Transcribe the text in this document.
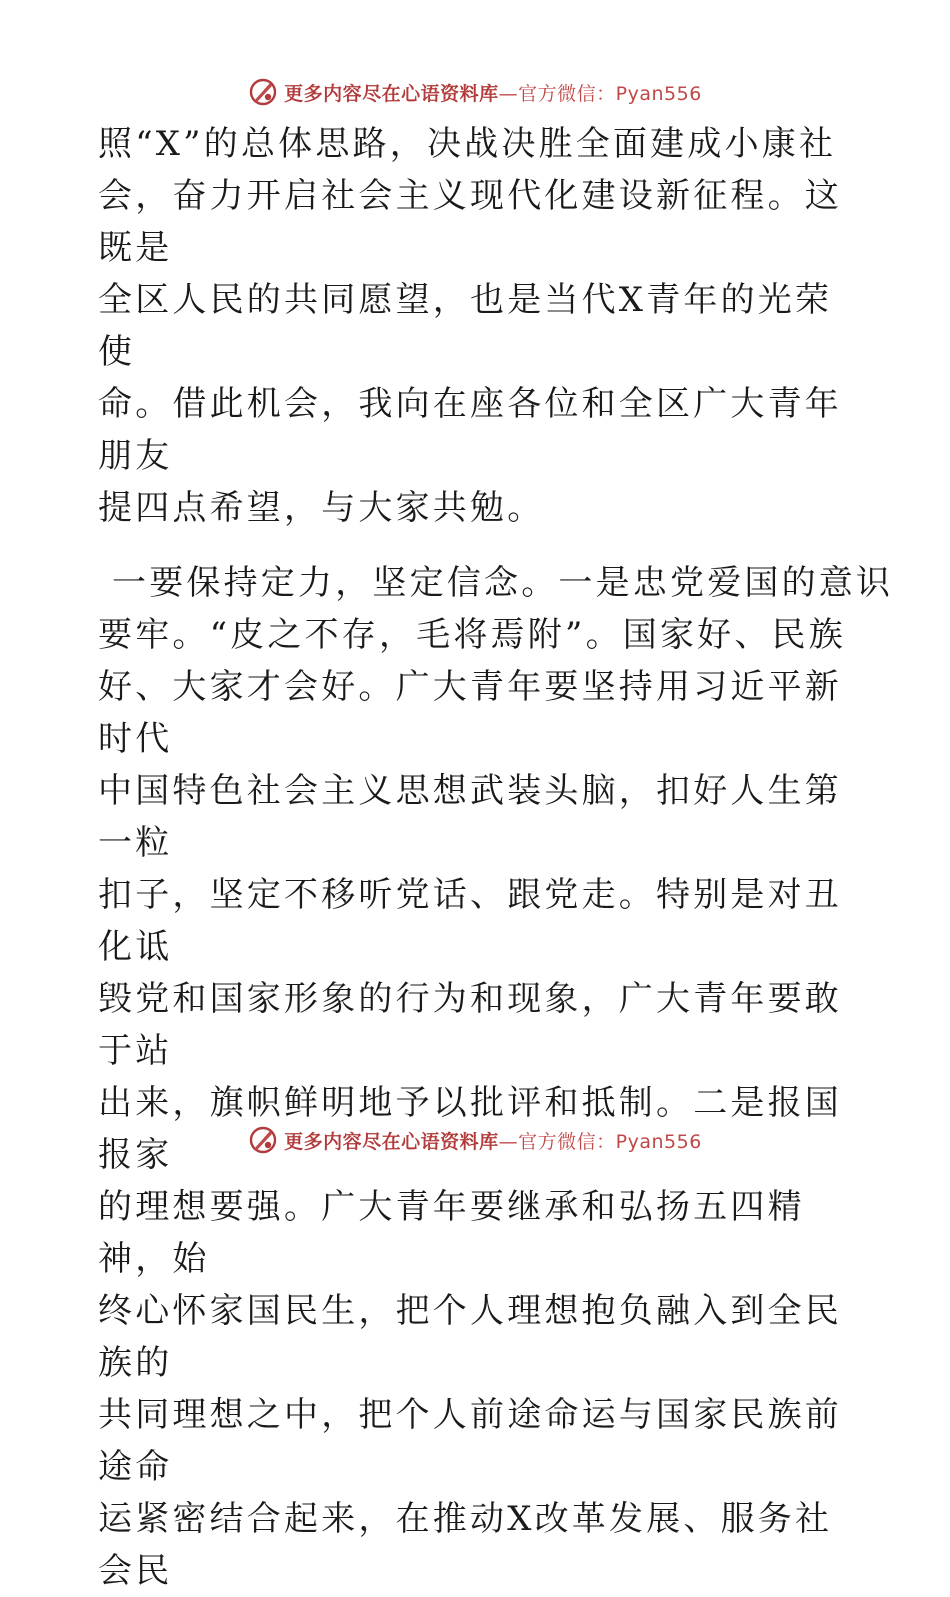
更多内容尽在心语资料库—官方微信：Pyan556
照“X”的总体思路，决战决胜全面建成小康社
会，奋力开启社会主义现代化建设新征程。这既是
全区人民的共同愿望，也是当代X青年的光荣使
命。借此机会，我向在座各位和全区广大青年朋友
提四点希望，与大家共勉。
一要保持定力，坚定信念。一是忠党爱国的意识
要牢。“皮之不存，毛将焉附”。国家好、民族
好、大家才会好。广大青年要坚持用习近平新时代
中国特色社会主义思想武装头脑，扣好人生第一粒
扣子，坚定不移听党话、跟党走。特别是对丑化诋
毁党和国家形象的行为和现象，广大青年要敢于站
出来，旗帜鲜明地予以批评和抵制。二是报国报家
的理想要强。广大青年要继承和弘扬五四精神，始
终心怀家国民生，把个人理想抱负融入到全民族的
共同理想之中，把个人前途命运与国家民族前途命
运紧密结合起来，在推动X改革发展、服务社会民
更多内容尽在心语资料库—官方微信：Pyan556
